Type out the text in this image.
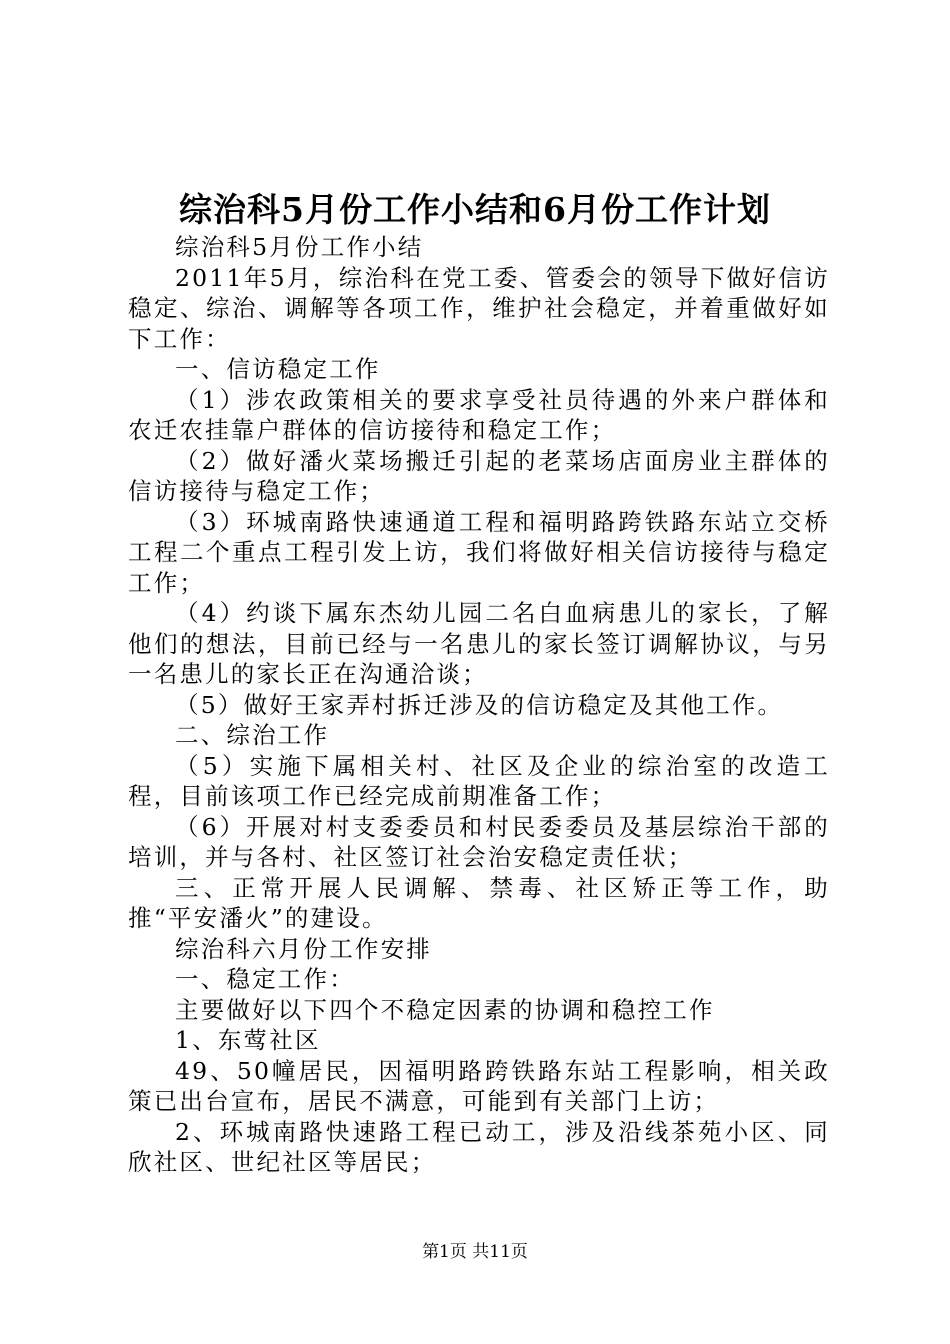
综治科5月份工作小结和6月份工作计划

综治科5月份工作小结

2011年5月，综治科在党工委、管委会的领导下做好信访稳定、综治、调解等各项工作，维护社会稳定，并着重做好如下工作：

一、信访稳定工作

（1）涉农政策相关的要求享受社员待遇的外来户群体和农迁农挂靠户群体的信访接待和稳定工作；

（2）做好潘火菜场搬迁引起的老菜场店面房业主群体的信访接待与稳定工作；

（3）环城南路快速通道工程和福明路跨铁路东站立交桥工程二个重点工程引发上访，我们将做好相关信访接待与稳定工作；

（4）约谈下属东杰幼儿园二名白血病患儿的家长，了解他们的想法，目前已经与一名患儿的家长签订调解协议，与另一名患儿的家长正在沟通洽谈；

（5）做好王家弄村拆迁涉及的信访稳定及其他工作。

二、综治工作

（5）实施下属相关村、社区及企业的综治室的改造工程，目前该项工作已经完成前期准备工作；

（6）开展对村支委委员和村民委委员及基层综治干部的培训，并与各村、社区签订社会治安稳定责任状；

三、正常开展人民调解、禁毒、社区矫正等工作，助推“平安潘火”的建设。

综治科六月份工作安排

一、稳定工作：

主要做好以下四个不稳定因素的协调和稳控工作

1、东莺社区

49、50幢居民，因福明路跨铁路东站工程影响，相关政策已出台宣布，居民不满意，可能到有关部门上访；

2、环城南路快速路工程已动工，涉及沿线茶苑小区、同欣社区、世纪社区等居民；

第1页 共11页
